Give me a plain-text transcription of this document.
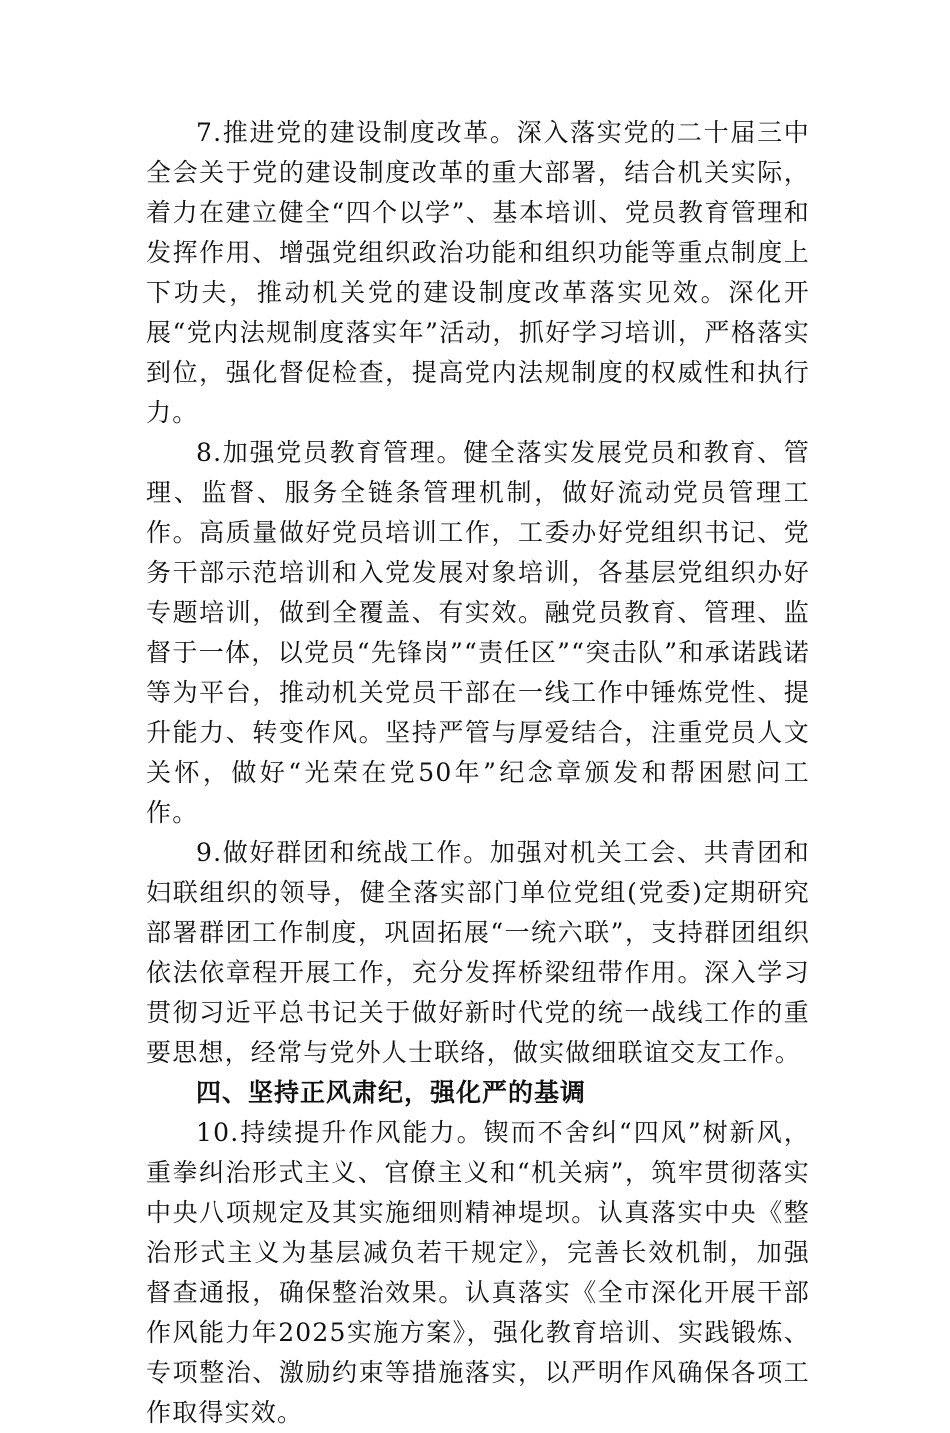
7.推进党的建设制度改革。深入落实党的二十届三中全会关于党的建设制度改革的重大部署，结合机关实际，着力在建立健全“四个以学”、基本培训、党员教育管理和发挥作用、增强党组织政治功能和组织功能等重点制度上下功夫，推动机关党的建设制度改革落实见效。深化开展“党内法规制度落实年”活动，抓好学习培训，严格落实到位，强化督促检查，提高党内法规制度的权威性和执行力。

8.加强党员教育管理。健全落实发展党员和教育、管理、监督、服务全链条管理机制，做好流动党员管理工作。高质量做好党员培训工作，工委办好党组织书记、党务干部示范培训和入党发展对象培训，各基层党组织办好专题培训，做到全覆盖、有实效。融党员教育、管理、监督于一体，以党员“先锋岗”“责任区”“突击队”和承诺践诺等为平台，推动机关党员干部在一线工作中锤炼党性、提升能力、转变作风。坚持严管与厚爱结合，注重党员人文关怀，做好“光荣在党50年”纪念章颁发和帮困慰问工作。

9.做好群团和统战工作。加强对机关工会、共青团和妇联组织的领导，健全落实部门单位党组(党委)定期研究部署群团工作制度，巩固拓展“一统六联”，支持群团组织依法依章程开展工作，充分发挥桥梁纽带作用。深入学习贯彻习近平总书记关于做好新时代党的统一战线工作的重要思想，经常与党外人士联络，做实做细联谊交友工作。

四、坚持正风肃纪，强化严的基调

10.持续提升作风能力。锲而不舍纠“四风”树新风，重拳纠治形式主义、官僚主义和“机关病”，筑牢贯彻落实中央八项规定及其实施细则精神堤坝。认真落实中央《整治形式主义为基层减负若干规定》，完善长效机制，加强督查通报，确保整治效果。认真落实《全市深化开展干部作风能力年2025实施方案》，强化教育培训、实践锻炼、专项整治、激励约束等措施落实，以严明作风确保各项工作取得实效。
